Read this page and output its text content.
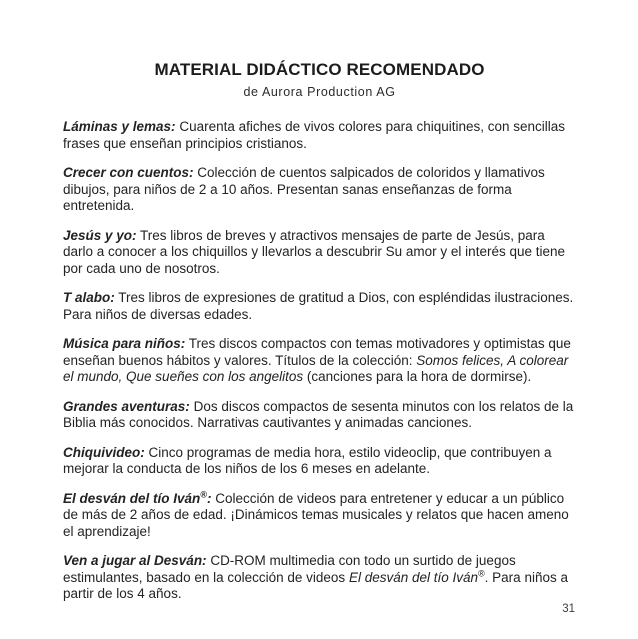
MATERIAL DIDÁCTICO RECOMENDADO
de Aurora Production AG

Láminas y lemas: Cuarenta afiches de vivos colores para chiquitines, con sencillas frases que enseñan principios cristianos.

Crecer con cuentos: Colección de cuentos salpicados de coloridos y llamativos dibujos, para niños de 2 a 10 años. Presentan sanas enseñanzas de forma entretenida.

Jesús y yo: Tres libros de breves y atractivos mensajes de parte de Jesús, para darlo a conocer a los chiquillos y llevarlos a descubrir Su amor y el interés que tiene por cada uno de nosotros.

T alabo: Tres libros de expresiones de gratitud a Dios, con espléndidas ilustraciones. Para niños de diversas edades.

Música para niños: Tres discos compactos con temas motivadores y optimistas que enseñan buenos hábitos y valores. Títulos de la colección: Somos felices, A colorear el mundo, Que sueñes con los angelitos (canciones para la hora de dormirse).

Grandes aventuras: Dos discos compactos de sesenta minutos con los relatos de la Biblia más conocidos. Narrativas cautivantes y animadas canciones.

Chiquivideo: Cinco programas de media hora, estilo videoclip, que contribuyen a mejorar la conducta de los niños de los 6 meses en adelante.

El desván del tío Iván®: Colección de videos para entretener y educar a un público de más de 2 años de edad. ¡Dinámicos temas musicales y relatos que hacen ameno el aprendizaje!

Ven a jugar al Desván: CD-ROM multimedia con todo un surtido de juegos estimulantes, basado en la colección de videos El desván del tío Iván®. Para niños a partir de los 4 años.

31
